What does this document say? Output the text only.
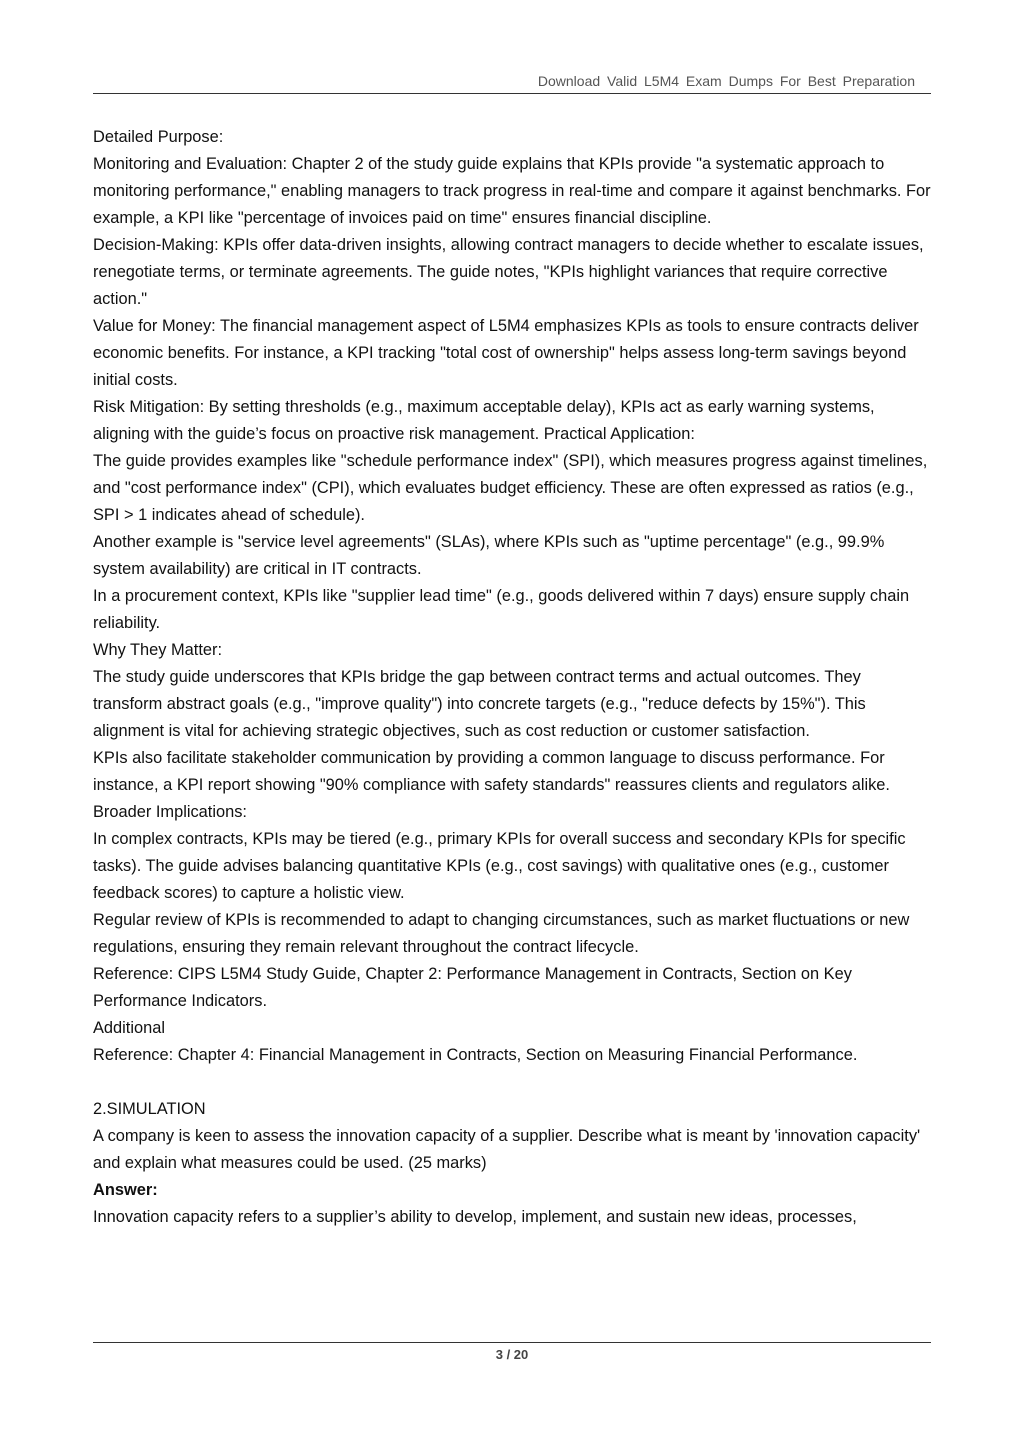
Download Valid L5M4 Exam Dumps For Best Preparation

Detailed Purpose:

Monitoring and Evaluation: Chapter 2 of the study guide explains that KPIs provide "a systematic approach to monitoring performance," enabling managers to track progress in real-time and compare it against benchmarks. For example, a KPI like "percentage of invoices paid on time" ensures financial discipline.

Decision-Making: KPIs offer data-driven insights, allowing contract managers to decide whether to escalate issues, renegotiate terms, or terminate agreements. The guide notes, "KPIs highlight variances that require corrective action."

Value for Money: The financial management aspect of L5M4 emphasizes KPIs as tools to ensure contracts deliver economic benefits. For instance, a KPI tracking "total cost of ownership" helps assess long-term savings beyond initial costs.

Risk Mitigation: By setting thresholds (e.g., maximum acceptable delay), KPIs act as early warning systems, aligning with the guide’s focus on proactive risk management. Practical Application:

The guide provides examples like "schedule performance index" (SPI), which measures progress against timelines, and "cost performance index" (CPI), which evaluates budget efficiency. These are often expressed as ratios (e.g., SPI > 1 indicates ahead of schedule).

Another example is "service level agreements" (SLAs), where KPIs such as "uptime percentage" (e.g., 99.9% system availability) are critical in IT contracts.

In a procurement context, KPIs like "supplier lead time" (e.g., goods delivered within 7 days) ensure supply chain reliability.

Why They Matter:

The study guide underscores that KPIs bridge the gap between contract terms and actual outcomes. They transform abstract goals (e.g., "improve quality") into concrete targets (e.g., "reduce defects by 15%"). This alignment is vital for achieving strategic objectives, such as cost reduction or customer satisfaction.

KPIs also facilitate stakeholder communication by providing a common language to discuss performance. For instance, a KPI report showing "90% compliance with safety standards" reassures clients and regulators alike.

Broader Implications:

In complex contracts, KPIs may be tiered (e.g., primary KPIs for overall success and secondary KPIs for specific tasks). The guide advises balancing quantitative KPIs (e.g., cost savings) with qualitative ones (e.g., customer feedback scores) to capture a holistic view.

Regular review of KPIs is recommended to adapt to changing circumstances, such as market fluctuations or new regulations, ensuring they remain relevant throughout the contract lifecycle.

Reference: CIPS L5M4 Study Guide, Chapter 2: Performance Management in Contracts, Section on Key Performance Indicators.

Additional

Reference: Chapter 4: Financial Management in Contracts, Section on Measuring Financial Performance.

2.SIMULATION

A company is keen to assess the innovation capacity of a supplier. Describe what is meant by 'innovation capacity' and explain what measures could be used. (25 marks)

Answer:

Innovation capacity refers to a supplier’s ability to develop, implement, and sustain new ideas, processes,

3 / 20
